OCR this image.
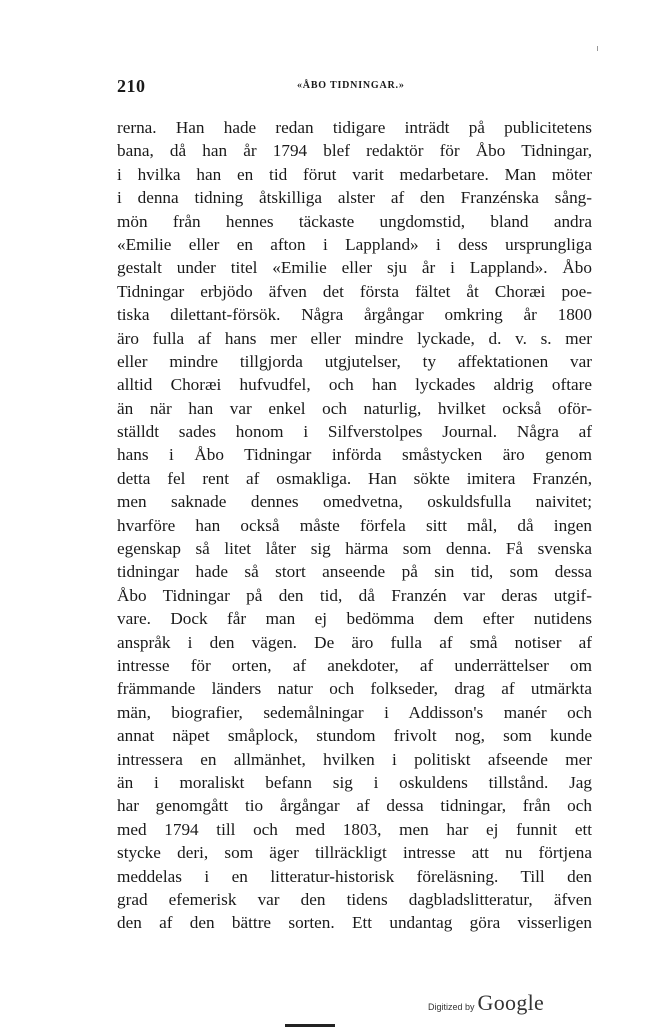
210	«ÅBO TIDNINGAR.»
rerna. Han hade redan tidigare inträdt på publicitetens
bana, då han år 1794 blef redaktör för Åbo Tidningar,
i hvilka han en tid förut varit medarbetare. Man möter
i denna tidning åtskilliga alster af den Franzénska sång-
mön från hennes täckaste ungdomstid, bland andra
«Emilie eller en afton i Lappland» i dess ursprungliga
gestalt under titel «Emilie eller sju år i Lappland». Åbo
Tidningar erbjödo äfven det första fältet åt Choræi poe-
tiska dilettant-försök. Några årgångar omkring år 1800
äro fulla af hans mer eller mindre lyckade, d. v. s. mer
eller mindre tillgjorda utgjutelser, ty affektationen var
alltid Choræi hufvudfel, och han lyckades aldrig oftare
än när han var enkel och naturlig, hvilket också oför-
ställdt sades honom i Silfverstolpes Journal. Några af
hans i Åbo Tidningar införda småstycken äro genom
detta fel rent af osmakliga. Han sökte imitera Franzén,
men saknade dennes omedvetna, oskuldsfulla naivitet;
hvarföre han också måste förfela sitt mål, då ingen
egenskap så litet låter sig härma som denna. Få svenska
tidningar hade så stort anseende på sin tid, som dessa
Åbo Tidningar på den tid, då Franzén var deras utgif-
vare. Dock får man ej bedömma dem efter nutidens
anspråk i den vägen. De äro fulla af små notiser af
intresse för orten, af anekdoter, af underrättelser om
främmande länders natur och folkseder, drag af utmärkta
män, biografier, sedemålningar i Addisson's manér och
annat näpet småplock, stundom frivolt nog, som kunde
intressera en allmänhet, hvilken i politiskt afseende mer
än i moraliskt befann sig i oskuldens tillstånd. Jag
har genomgått tio årgångar af dessa tidningar, från och
med 1794 till och med 1803, men har ej funnit ett
stycke deri, som äger tillräckligt intresse att nu förtjena
meddelas i en litteratur-historisk föreläsning. Till den
grad efemerisk var den tidens dagbladslitteratur, äfven
den af den bättre sorten. Ett undantag göra visserligen
Digitized by Google
